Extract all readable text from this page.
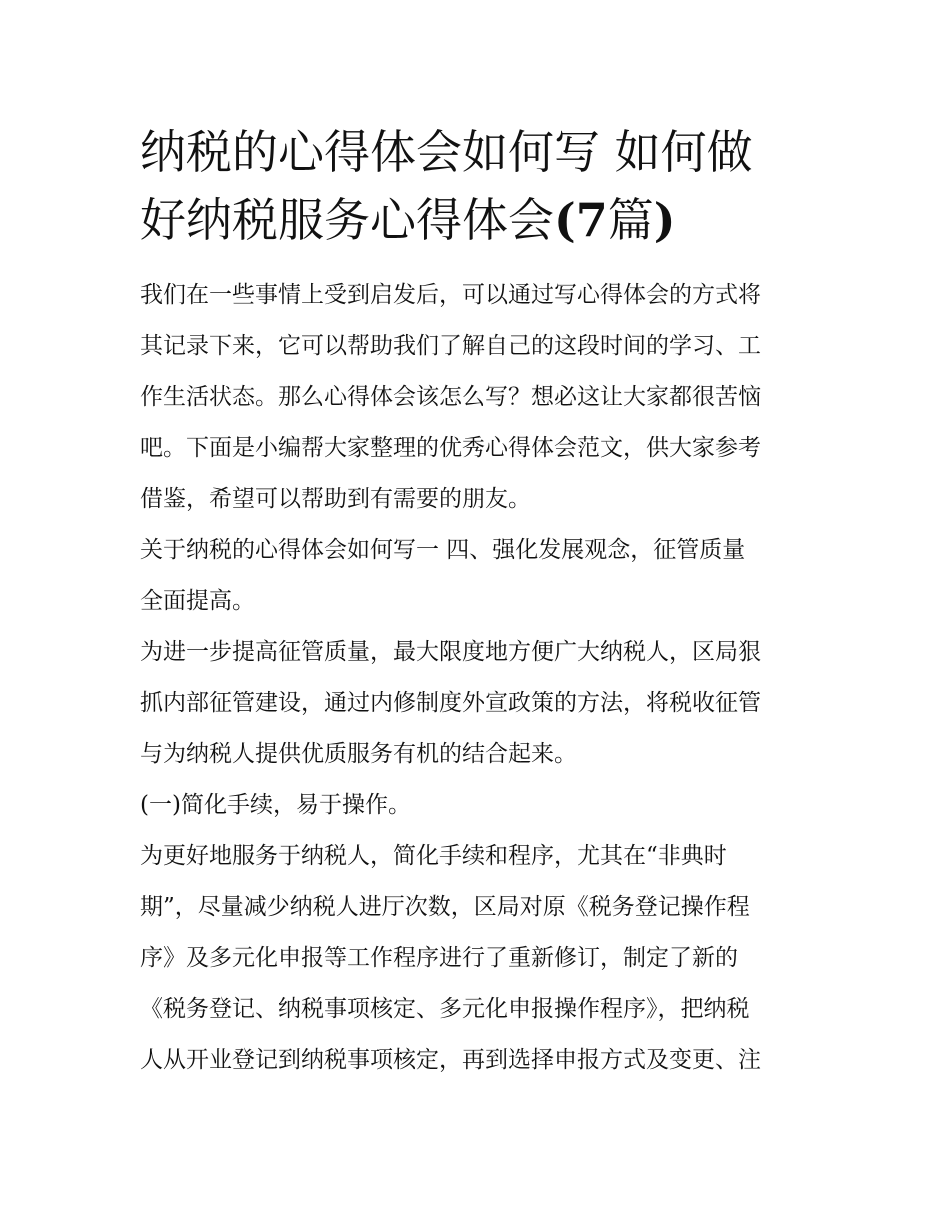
纳税的心得体会如何写 如何做
好纳税服务心得体会(7篇)
我们在一些事情上受到启发后，可以通过写心得体会的方式将
其记录下来，它可以帮助我们了解自己的这段时间的学习、工
作生活状态。那么心得体会该怎么写？想必这让大家都很苦恼
吧。下面是小编帮大家整理的优秀心得体会范文，供大家参考
借鉴，希望可以帮助到有需要的朋友。
关于纳税的心得体会如何写一 四、强化发展观念，征管质量
全面提高。
为进一步提高征管质量，最大限度地方便广大纳税人，区局狠
抓内部征管建设，通过内修制度外宣政策的方法，将税收征管
与为纳税人提供优质服务有机的结合起来。
(一)简化手续，易于操作。
为更好地服务于纳税人，简化手续和程序，尤其在“非典时
期”，尽量减少纳税人进厅次数，区局对原《税务登记操作程
序》及多元化申报等工作程序进行了重新修订，制定了新的
《税务登记、纳税事项核定、多元化申报操作程序》，把纳税
人从开业登记到纳税事项核定，再到选择申报方式及变更、注
